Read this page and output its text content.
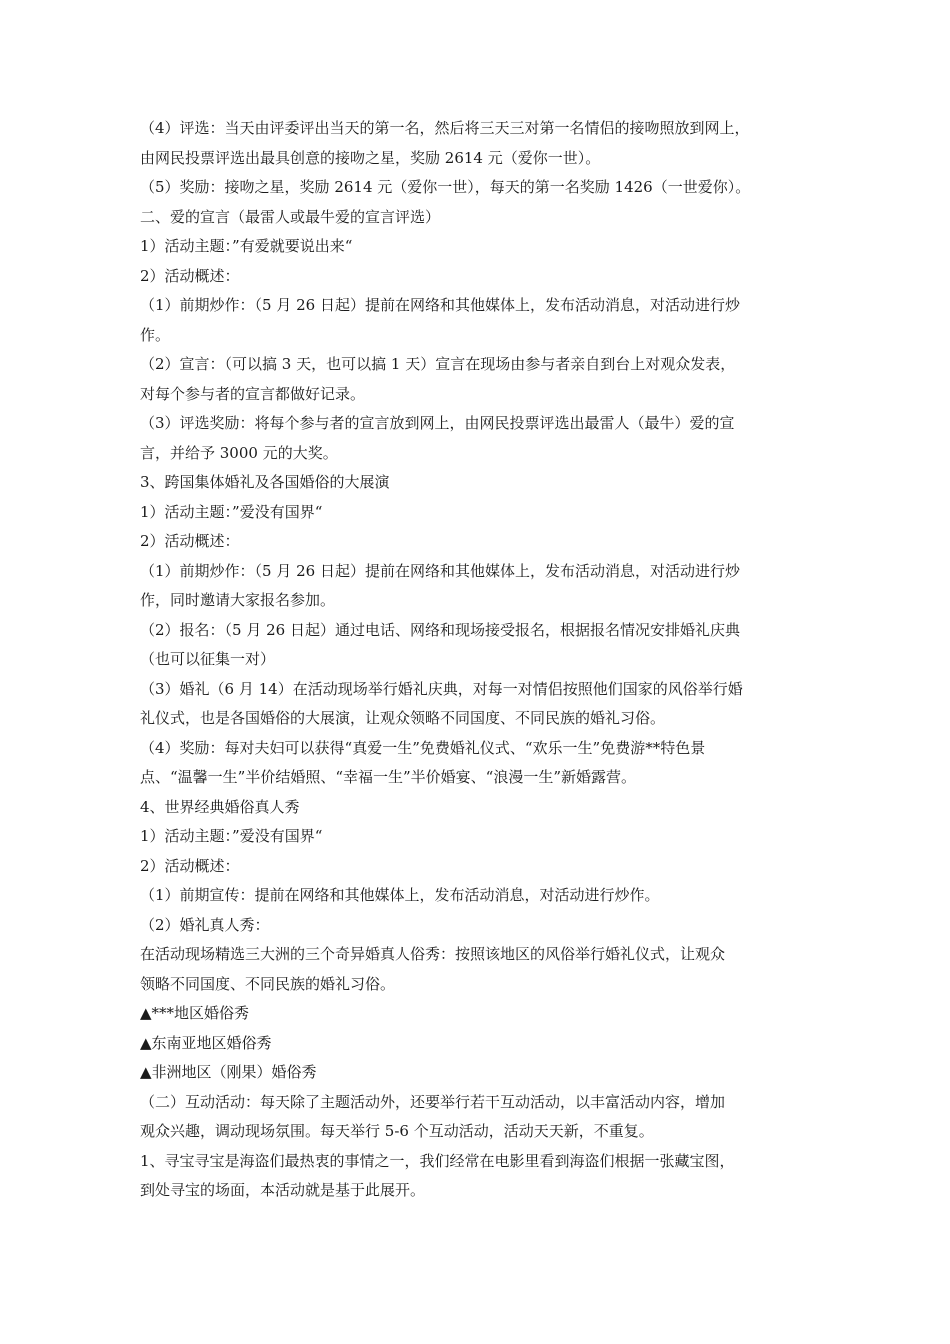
（4）评选：当天由评委评出当天的第一名，然后将三天三对第一名情侣的接吻照放到网上，
由网民投票评选出最具创意的接吻之星，奖励 2614 元（爱你一世）。
（5）奖励：接吻之星，奖励 2614 元（爱你一世），每天的第一名奖励 1426（一世爱你）。
二、爱的宣言（最雷人或最牛爱的宣言评选）
1）活动主题：”有爱就要说出来“
2）活动概述：
（1）前期炒作：（5 月 26 日起）提前在网络和其他媒体上，发布活动消息，对活动进行炒
作。
（2）宣言：（可以搞 3 天，也可以搞 1 天）宣言在现场由参与者亲自到台上对观众发表，
对每个参与者的宣言都做好记录。
（3）评选奖励：将每个参与者的宣言放到网上，由网民投票评选出最雷人（最牛）爱的宣
言，并给予 3000 元的大奖。
3、跨国集体婚礼及各国婚俗的大展演
1）活动主题：”爱没有国界“
2）活动概述：
（1）前期炒作：（5 月 26 日起）提前在网络和其他媒体上，发布活动消息，对活动进行炒
作，同时邀请大家报名参加。
（2）报名：（5 月 26 日起）通过电话、网络和现场接受报名，根据报名情况安排婚礼庆典
（也可以征集一对）
（3）婚礼（6 月 14）在活动现场举行婚礼庆典，对每一对情侣按照他们国家的风俗举行婚
礼仪式，也是各国婚俗的大展演，让观众领略不同国度、不同民族的婚礼习俗。
（4）奖励：每对夫妇可以获得“真爱一生”免费婚礼仪式、“欢乐一生”免费游**特色景
点、“温馨一生”半价结婚照、“幸福一生”半价婚宴、“浪漫一生”新婚露营。
4、世界经典婚俗真人秀
1）活动主题：”爱没有国界“
2）活动概述：
（1）前期宣传：提前在网络和其他媒体上，发布活动消息，对活动进行炒作。
（2）婚礼真人秀：
在活动现场精选三大洲的三个奇异婚真人俗秀：按照该地区的风俗举行婚礼仪式，让观众
领略不同国度、不同民族的婚礼习俗。
▲***地区婚俗秀
▲东南亚地区婚俗秀
▲非洲地区（刚果）婚俗秀
（二）互动活动：每天除了主题活动外，还要举行若干互动活动，以丰富活动内容，增加
观众兴趣，调动现场氛围。每天举行 5-6 个互动活动，活动天天新，不重复。
1、寻宝寻宝是海盗们最热衷的事情之一，我们经常在电影里看到海盗们根据一张藏宝图，
到处寻宝的场面，本活动就是基于此展开。
